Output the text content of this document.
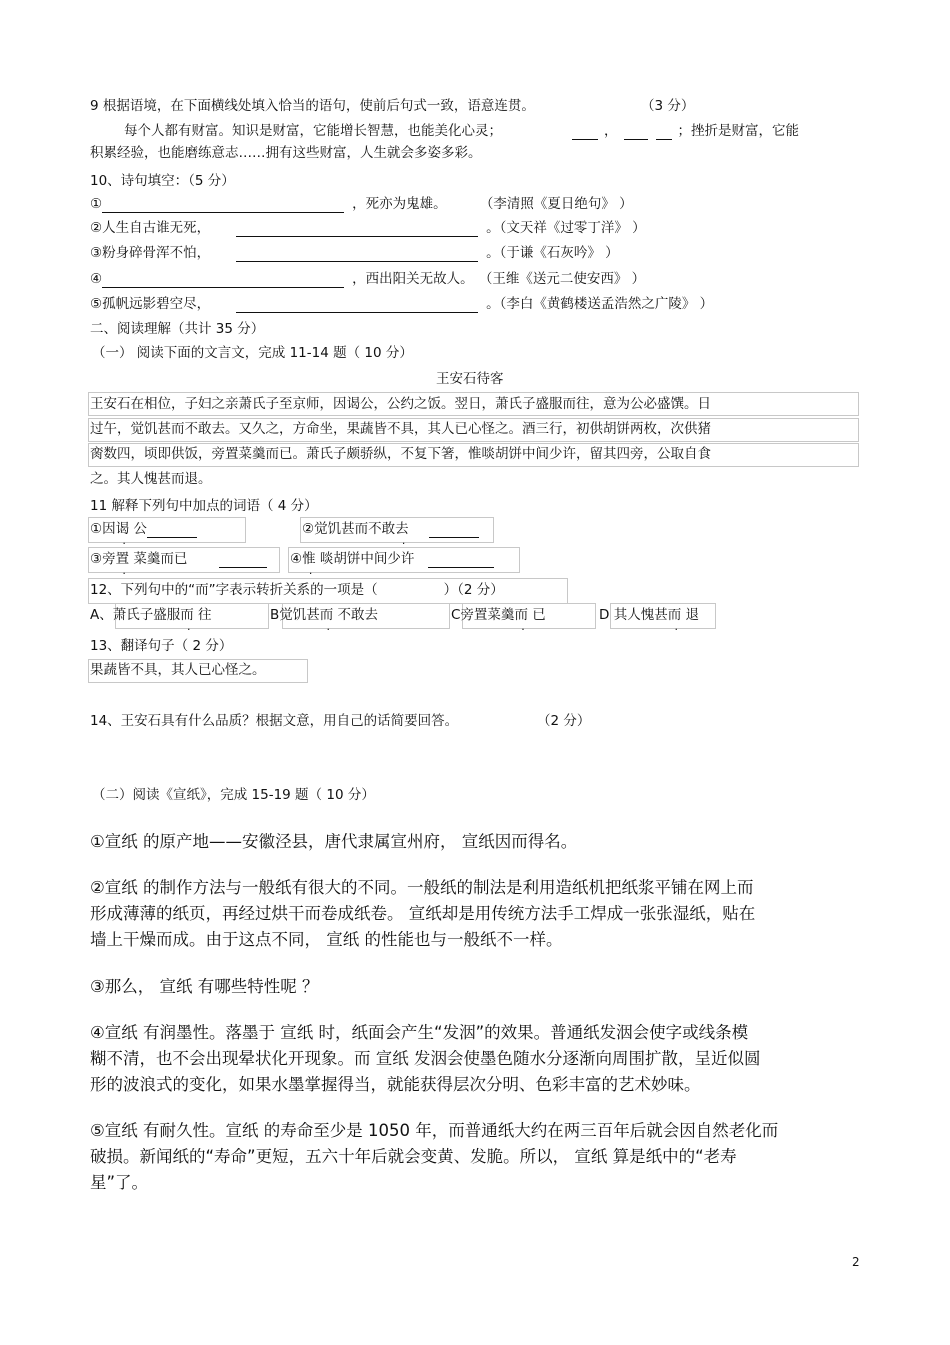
9 根据语境，在下面横线处填入恰当的语句，使前后句式一致，语意连贯。	（3 分）
每个人都有财富。知识是财富，它能增长智慧，也能美化心灵；	，	；挫折是财富，它能
积累经验，也能磨练意志……拥有这些财富，人生就会多姿多彩。
10、诗句填空：（5 分）
①	，死亦为鬼雄。	（李清照《夏日绝句》 ）
②人生自古谁无死，	。（文天祥《过零丁洋》 ）
③粉身碎骨浑不怕，	。（于谦《石灰吟》 ）
④	，西出阳关无故人。 （王维《送元二使安西》 ）
⑤孤帆远影碧空尽，	。（李白《黄鹤楼送孟浩然之广陵》 ）
二、阅读理解（共计 35 分）
（一） 阅读下面的文言文，完成 11-14 题（ 10 分）
王安石待客
王安石在相位，子妇之亲萧氏子至京师，因谒公，公约之饭。翌日，萧氏子盛服而往，意为公必盛馔。日
过午，觉饥甚而不敢去。又久之，方命坐，果蔬皆不具，其人已心怪之。酒三行，初供胡饼两枚，次供猪
脔数四，顷即供饭，旁置菜羹而已。萧氏子颇骄纵，不复下箸，惟啖胡饼中间少许，留其四旁，公取自食
之。其人愧甚而退。
11 解释下列句中加点的词语（ 4 分）
①因谒 公	②觉饥甚而不敢去
③旁置 菜羹而已	④惟 啖胡饼中间少许
12、下列句中的“而”字表示转折关系的一项是（	）（2 分）
A、萧氏子盛服而 往	B觉饥甚而 不敢去	C旁置菜羹而 已	D 其人愧甚而 退
13、翻译句子（ 2 分）
果蔬皆不具，其人已心怪之。
14、王安石具有什么品质？根据文意，用自己的话简要回答。	（2 分）
（二）阅读《宣纸》，完成 15-19 题（ 10 分）
①宣纸 的原产地——安徽泾县，唐代隶属宣州府， 宣纸因而得名。
②宣纸 的制作方法与一般纸有很大的不同。一般纸的制法是利用造纸机把纸浆平铺在网上而
形成薄薄的纸页，再经过烘干而卷成纸卷。 宣纸却是用传统方法手工焊成一张张湿纸，贴在
墙上干燥而成。由于这点不同， 宣纸 的性能也与一般纸不一样。
③那么， 宣纸 有哪些特性呢 ？
④宣纸 有润墨性。落墨于 宣纸 时，纸面会产生“发洇”的效果。普通纸发洇会使字或线条模
糊不清，也不会出现晕状化开现象。而 宣纸 发洇会使墨色随水分逐渐向周围扩散，呈近似圆
形的波浪式的变化，如果水墨掌握得当，就能获得层次分明、色彩丰富的艺术妙味。
⑤宣纸 有耐久性。宣纸 的寿命至少是 1050 年，而普通纸大约在两三百年后就会因自然老化而
破损。新闻纸的“寿命”更短，五六十年后就会变黄、发脆。所以， 宣纸 算是纸中的“老寿
星”了。
2
